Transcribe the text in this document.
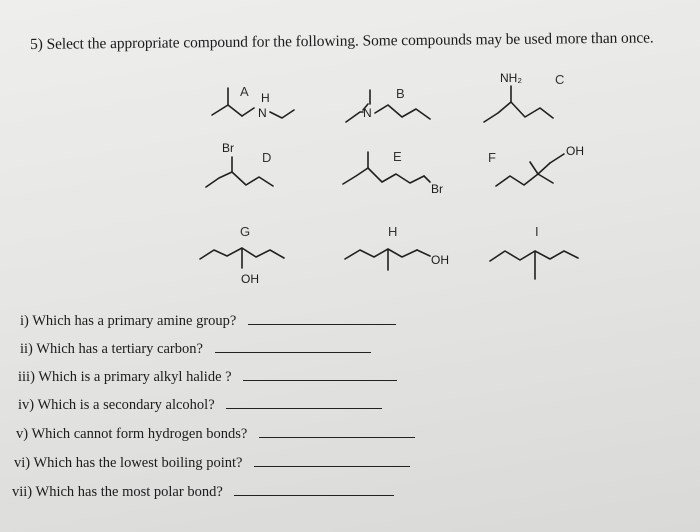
5) Select the appropriate compound for the following. Some compounds may be used more than once.
A H
N
B
N
NH₂	C
Br
D	E
Br
F	OH
G
OH
H
OH
I
i) Which has a primary amine group?
ii) Which has a tertiary carbon?
iii) Which is a primary alkyl halide ?
iv) Which is a secondary alcohol?
v) Which cannot form hydrogen bonds?
vi) Which has the lowest boiling point?
vii) Which has the most polar bond?
